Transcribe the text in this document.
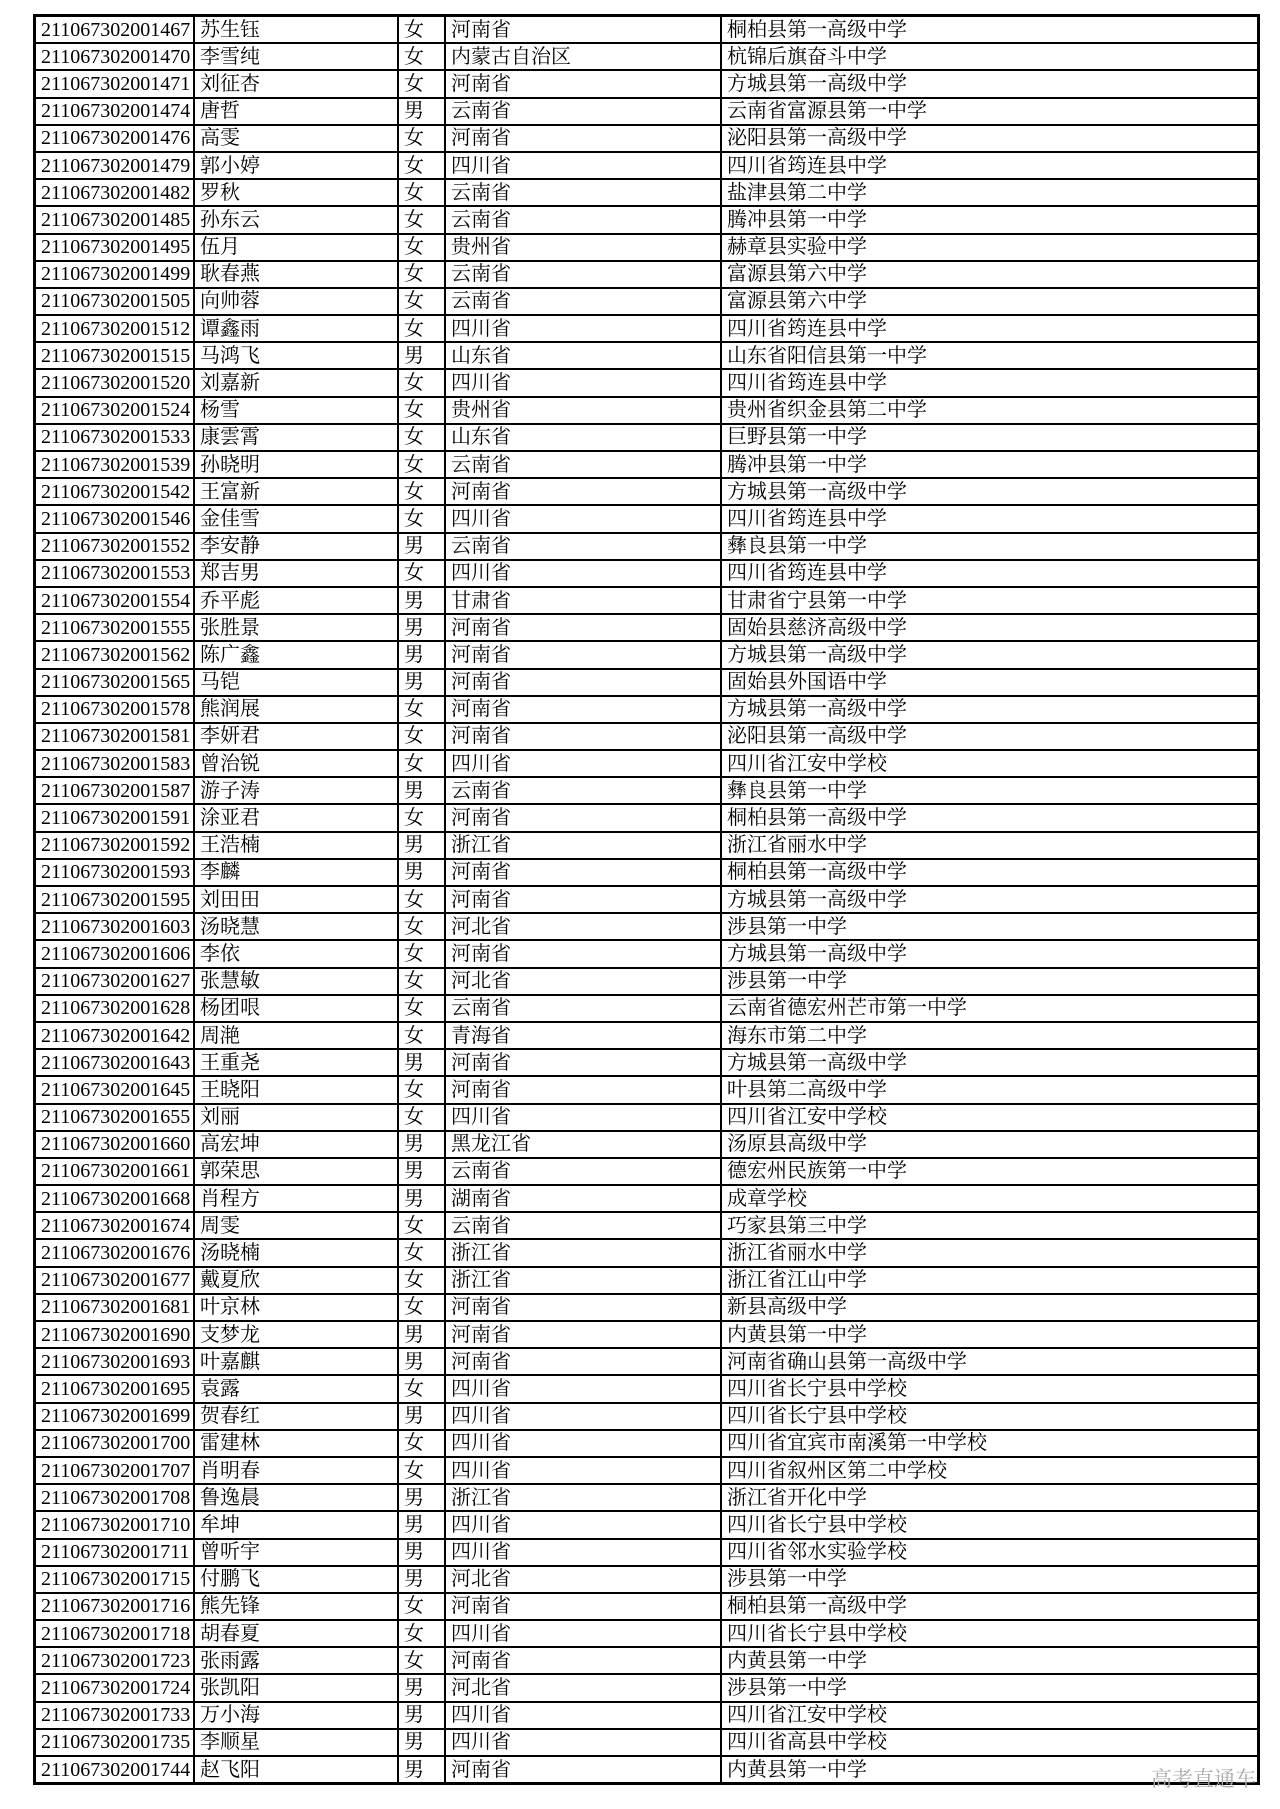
211067302001467 苏生钰	女	河南省	桐柏县第一高级中学
211067302001470 李雪纯	女	内蒙古自治区	杭锦后旗奋斗中学
211067302001471 刘征杏	女	河南省	方城县第一高级中学
211067302001474 唐哲	男	云南省	云南省富源县第一中学
211067302001476 高雯	女	河南省	泌阳县第一高级中学
211067302001479 郭小婷	女	四川省	四川省筠连县中学
211067302001482 罗秋	女	云南省	盐津县第二中学
211067302001485 孙东云	女	云南省	腾冲县第一中学
211067302001495 伍月	女	贵州省	赫章县实验中学
211067302001499 耿春燕	女	云南省	富源县第六中学
211067302001505 向帅蓉	女	云南省	富源县第六中学
211067302001512 谭鑫雨	女	四川省	四川省筠连县中学
211067302001515 马鸿飞	男	山东省	山东省阳信县第一中学
211067302001520 刘嘉新	女	四川省	四川省筠连县中学
211067302001524 杨雪	女	贵州省	贵州省织金县第二中学
211067302001533 康雲霄	女	山东省	巨野县第一中学
211067302001539 孙晓明	女	云南省	腾冲县第一中学
211067302001542 王富新	女	河南省	方城县第一高级中学
211067302001546 金佳雪	女	四川省	四川省筠连县中学
211067302001552 李安静	男	云南省	彝良县第一中学
211067302001553 郑吉男	女	四川省	四川省筠连县中学
211067302001554 乔平彪	男	甘肃省	甘肃省宁县第一中学
211067302001555 张胜景	男	河南省	固始县慈济高级中学
211067302001562 陈广鑫	男	河南省	方城县第一高级中学
211067302001565 马铠	男	河南省	固始县外国语中学
211067302001578 熊润展	女	河南省	方城县第一高级中学
211067302001581 李妍君	女	河南省	泌阳县第一高级中学
211067302001583 曾治锐	女	四川省	四川省江安中学校
211067302001587 游子涛	男	云南省	彝良县第一中学
211067302001591 涂亚君	女	河南省	桐柏县第一高级中学
211067302001592 王浩楠	男	浙江省	浙江省丽水中学
211067302001593 李麟	男	河南省	桐柏县第一高级中学
211067302001595 刘田田	女	河南省	方城县第一高级中学
211067302001603 汤晓慧	女	河北省	涉县第一中学
211067302001606 李依	女	河南省	方城县第一高级中学
211067302001627 张慧敏	女	河北省	涉县第一中学
211067302001628 杨团哏	女	云南省	云南省德宏州芒市第一中学
211067302001642 周滟	女	青海省	海东市第二中学
211067302001643 王重尧	男	河南省	方城县第一高级中学
211067302001645 王晓阳	女	河南省	叶县第二高级中学
211067302001655 刘丽	女	四川省	四川省江安中学校
211067302001660 高宏坤	男	黑龙江省	汤原县高级中学
211067302001661 郭荣思	男	云南省	德宏州民族第一中学
211067302001668 肖程方	男	湖南省	成章学校
211067302001674 周雯	女	云南省	巧家县第三中学
211067302001676 汤晓楠	女	浙江省	浙江省丽水中学
211067302001677 戴夏欣	女	浙江省	浙江省江山中学
211067302001681 叶京林	女	河南省	新县高级中学
211067302001690 支梦龙	男	河南省	内黄县第一中学
211067302001693 叶嘉麒	男	河南省	河南省确山县第一高级中学
211067302001695 袁露	女	四川省	四川省长宁县中学校
211067302001699 贺春红	男	四川省	四川省长宁县中学校
211067302001700 雷建林	女	四川省	四川省宜宾市南溪第一中学校
211067302001707 肖明春	女	四川省	四川省叙州区第二中学校
211067302001708 鲁逸晨	男	浙江省	浙江省开化中学
211067302001710 牟坤	男	四川省	四川省长宁县中学校
211067302001711 曾听宇	男	四川省	四川省邻水实验学校
211067302001715 付鹏飞	男	河北省	涉县第一中学
211067302001716 熊先锋	女	河南省	桐柏县第一高级中学
211067302001718 胡春夏	女	四川省	四川省长宁县中学校
211067302001723 张雨露	女	河南省	内黄县第一中学
211067302001724 张凯阳	男	河北省	涉县第一中学
211067302001733 万小海	男	四川省	四川省江安中学校
211067302001735 李顺星	男	四川省	四川省高县中学校
211067302001744 赵飞阳	男	河南省	内黄县第一中学	高考直通车
